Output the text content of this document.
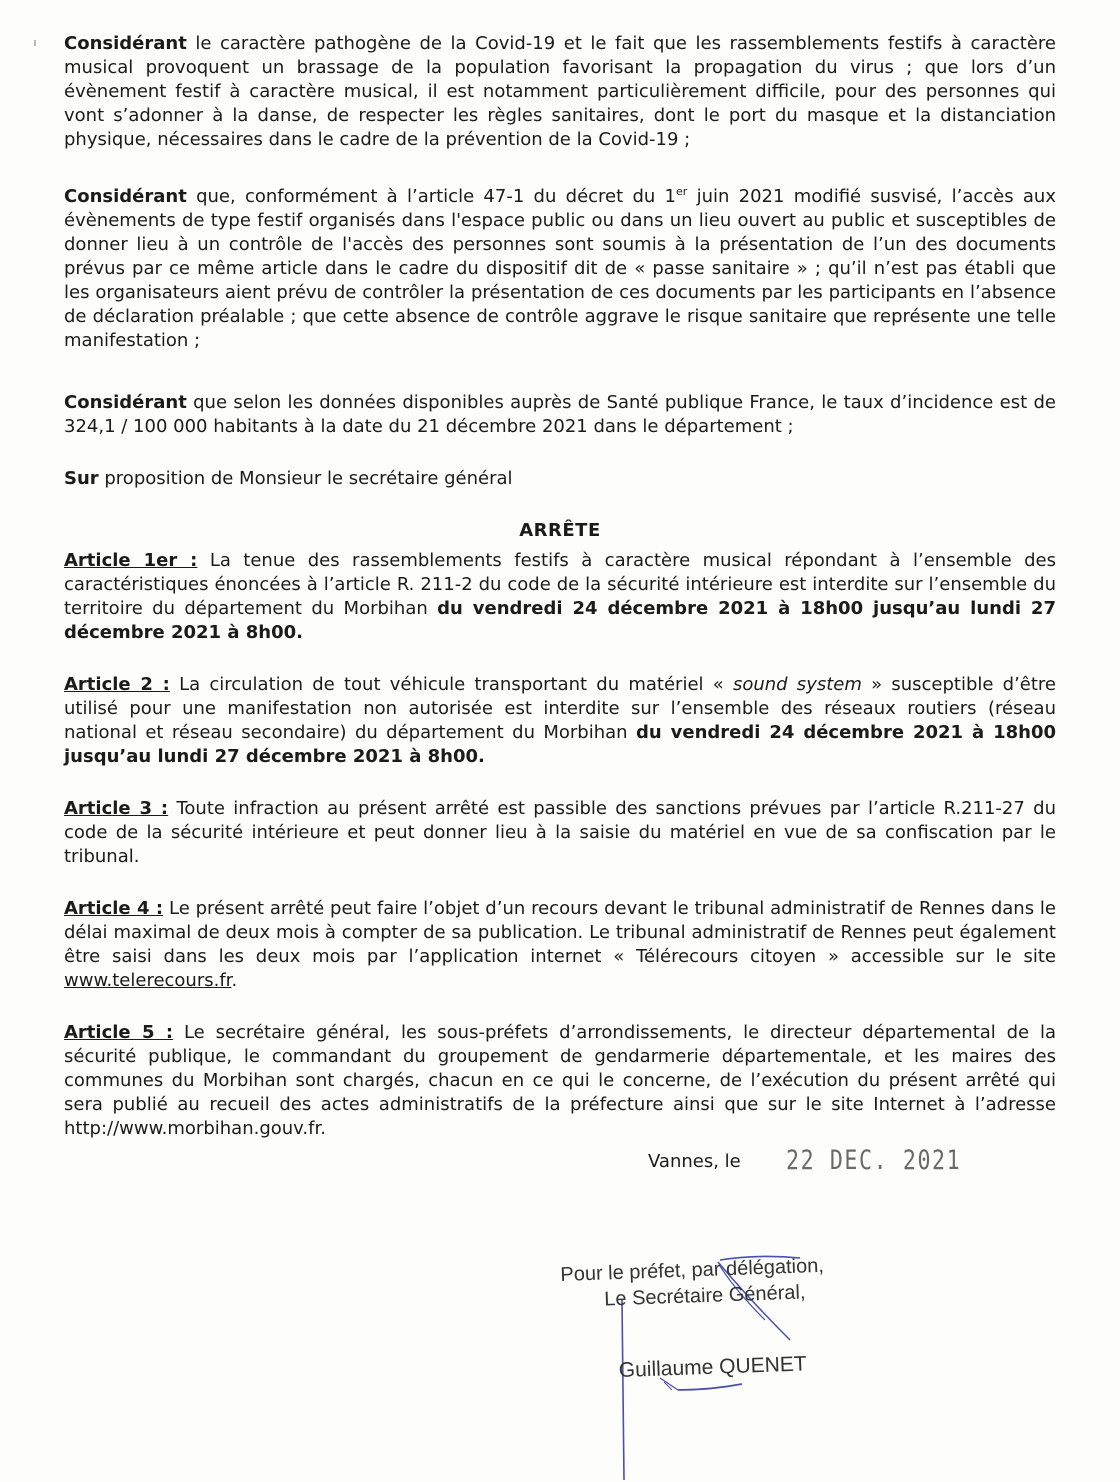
Considérant le caractère pathogène de la Covid-19 et le fait que les rassemblements festifs à caractère musical provoquent un brassage de la population favorisant la propagation du virus ; que lors d’un évènement festif à caractère musical, il est notamment particulièrement difficile, pour des personnes qui vont s’adonner à la danse, de respecter les règles sanitaires, dont le port du masque et la distanciation physique, nécessaires dans le cadre de la prévention de la Covid-19 ;

Considérant que, conformément à l’article 47-1 du décret du 1er juin 2021 modifié susvisé, l’accès aux évènements de type festif organisés dans l'espace public ou dans un lieu ouvert au public et susceptibles de donner lieu à un contrôle de l'accès des personnes sont soumis à la présentation de l’un des documents prévus par ce même article dans le cadre du dispositif dit de « passe sanitaire » ; qu’il n’est pas établi que les organisateurs aient prévu de contrôler la présentation de ces documents par les participants en l’absence de déclaration préalable ; que cette absence de contrôle aggrave le risque sanitaire que représente une telle manifestation ;

Considérant que selon les données disponibles auprès de Santé publique France, le taux d’incidence est de 324,1 / 100 000 habitants à la date du 21 décembre 2021 dans le département ;

Sur proposition de Monsieur le secrétaire général

ARRÊTE

Article 1er : La tenue des rassemblements festifs à caractère musical répondant à l’ensemble des caractéristiques énoncées à l’article R. 211-2 du code de la sécurité intérieure est interdite sur l’ensemble du territoire du département du Morbihan du vendredi 24 décembre 2021 à 18h00 jusqu’au lundi 27 décembre 2021 à 8h00.

Article 2 : La circulation de tout véhicule transportant du matériel « sound system » susceptible d’être utilisé pour une manifestation non autorisée est interdite sur l’ensemble des réseaux routiers (réseau national et réseau secondaire) du département du Morbihan du vendredi 24 décembre 2021 à 18h00 jusqu’au lundi 27 décembre 2021 à 8h00.

Article 3 : Toute infraction au présent arrêté est passible des sanctions prévues par l’article R.211-27 du code de la sécurité intérieure et peut donner lieu à la saisie du matériel en vue de sa confiscation par le tribunal.

Article 4 : Le présent arrêté peut faire l’objet d’un recours devant le tribunal administratif de Rennes dans le délai maximal de deux mois à compter de sa publication. Le tribunal administratif de Rennes peut également être saisi dans les deux mois par l’application internet « Télérecours citoyen » accessible sur le site www.telerecours.fr.

Article 5 : Le secrétaire général, les sous-préfets d’arrondissements, le directeur départemental de la sécurité publique, le commandant du groupement de gendarmerie départementale, et les maires des communes du Morbihan sont chargés, chacun en ce qui le concerne, de l’exécution du présent arrêté qui sera publié au recueil des actes administratifs de la préfecture ainsi que sur le site Internet à l’adresse http://www.morbihan.gouv.fr.

Vannes, le 22 DEC. 2021
Pour le préfet, par délégation,
Le Secrétaire Général,
Guillaume QUENET
